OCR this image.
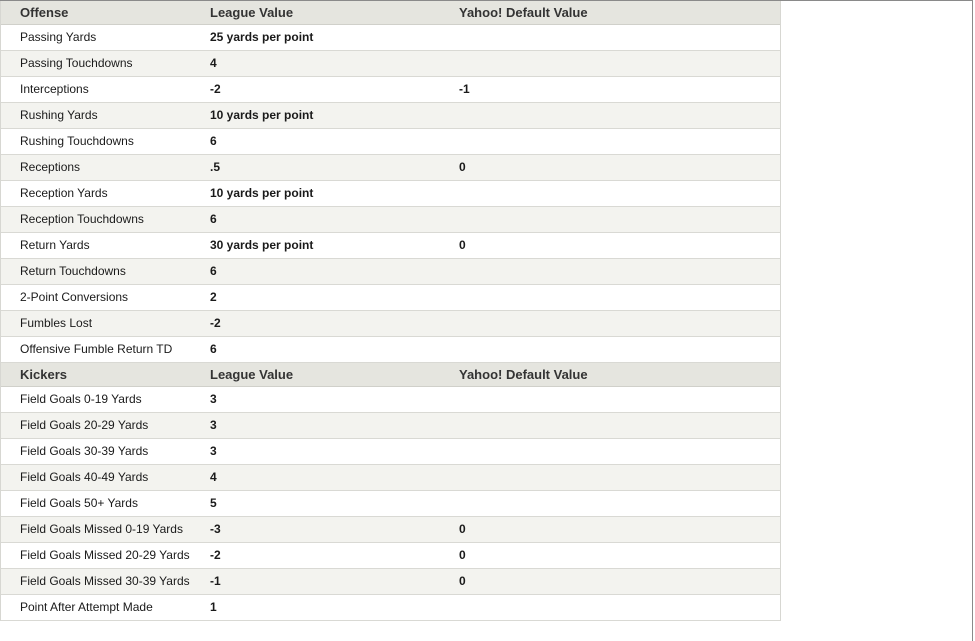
Offense	League Value	Yahoo! Default Value
Passing Yards	25 yards per point
Passing Touchdowns	4
Interceptions	-2	-1
Rushing Yards	10 yards per point
Rushing Touchdowns	6
Receptions	.5	0
Reception Yards	10 yards per point
Reception Touchdowns	6
Return Yards	30 yards per point	0
Return Touchdowns	6
2-Point Conversions	2
Fumbles Lost	-2
Offensive Fumble Return TD	6
Kickers	League Value	Yahoo! Default Value
Field Goals 0-19 Yards	3
Field Goals 20-29 Yards	3
Field Goals 30-39 Yards	3
Field Goals 40-49 Yards	4
Field Goals 50+ Yards	5
Field Goals Missed 0-19 Yards	-3	0
Field Goals Missed 20-29 Yards	-2	0
Field Goals Missed 30-39 Yards	-1	0
Point After Attempt Made	1
